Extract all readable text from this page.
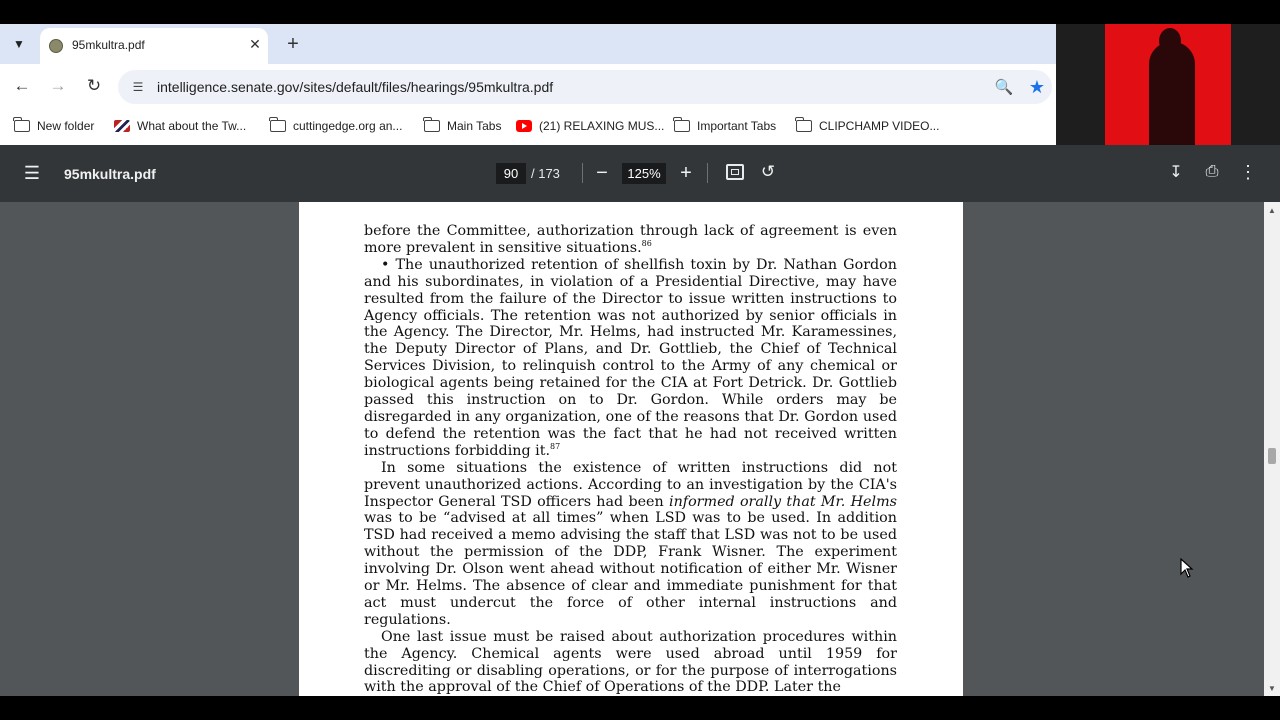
▼	95mkultra.pdf	✕ +
← → ↻	☰ intelligence.senate.gov/sites/default/files/hearings/95mkultra.pdf	🔍 ★
New folder	What about the Tw...	cuttingedge.org an...	Main Tabs	(21) RELAXING MUS...	Important Tabs	CLIPCHAMP VIDEO...
☰ 95mkultra.pdf	90 / 173 −	125% +	↺	↧ ⎙ ⋮

before the Committee, authorization through lack of agreement is even more prevalent in sensitive situations.$^{86}$

• The unauthorized retention of shellfish toxin by Dr. Nathan Gordon and his subordinates, in violation of a Presidential Directive, may have resulted from the failure of the Director to issue written instructions to Agency officials. The retention was not authorized by senior officials in the Agency. The Director, Mr. Helms, had instructed Mr. Karamessines, the Deputy Director of Plans, and Dr. Gottlieb, the Chief of Technical Services Division, to relinquish control to the Army of any chemical or biological agents being retained for the CIA at Fort Detrick. Dr. Gottlieb passed this instruction on to Dr. Gordon. While orders may be disregarded in any organization, one of the reasons that Dr. Gordon used to defend the retention was the fact that he had not received written instructions forbidding it.$^{87}$

In some situations the existence of written instructions did not prevent unauthorized actions. According to an investigation by the CIA's Inspector General TSD officers had been informed orally that Mr. Helms was to be “advised at all times” when LSD was to be used. In addition TSD had received a memo advising the staff that LSD was not to be used without the permission of the DDP, Frank Wisner. The experiment involving Dr. Olson went ahead without notification of either Mr. Wisner or Mr. Helms. The absence of clear and immediate punishment for that act must undercut the force of other internal instructions and regulations.

One last issue must be raised about authorization procedures within the Agency. Chemical agents were used abroad until 1959 for discrediting or disabling operations, or for the purpose of interrogations with the approval of the Chief of Operations of the DDP. Later the

▲
▼
